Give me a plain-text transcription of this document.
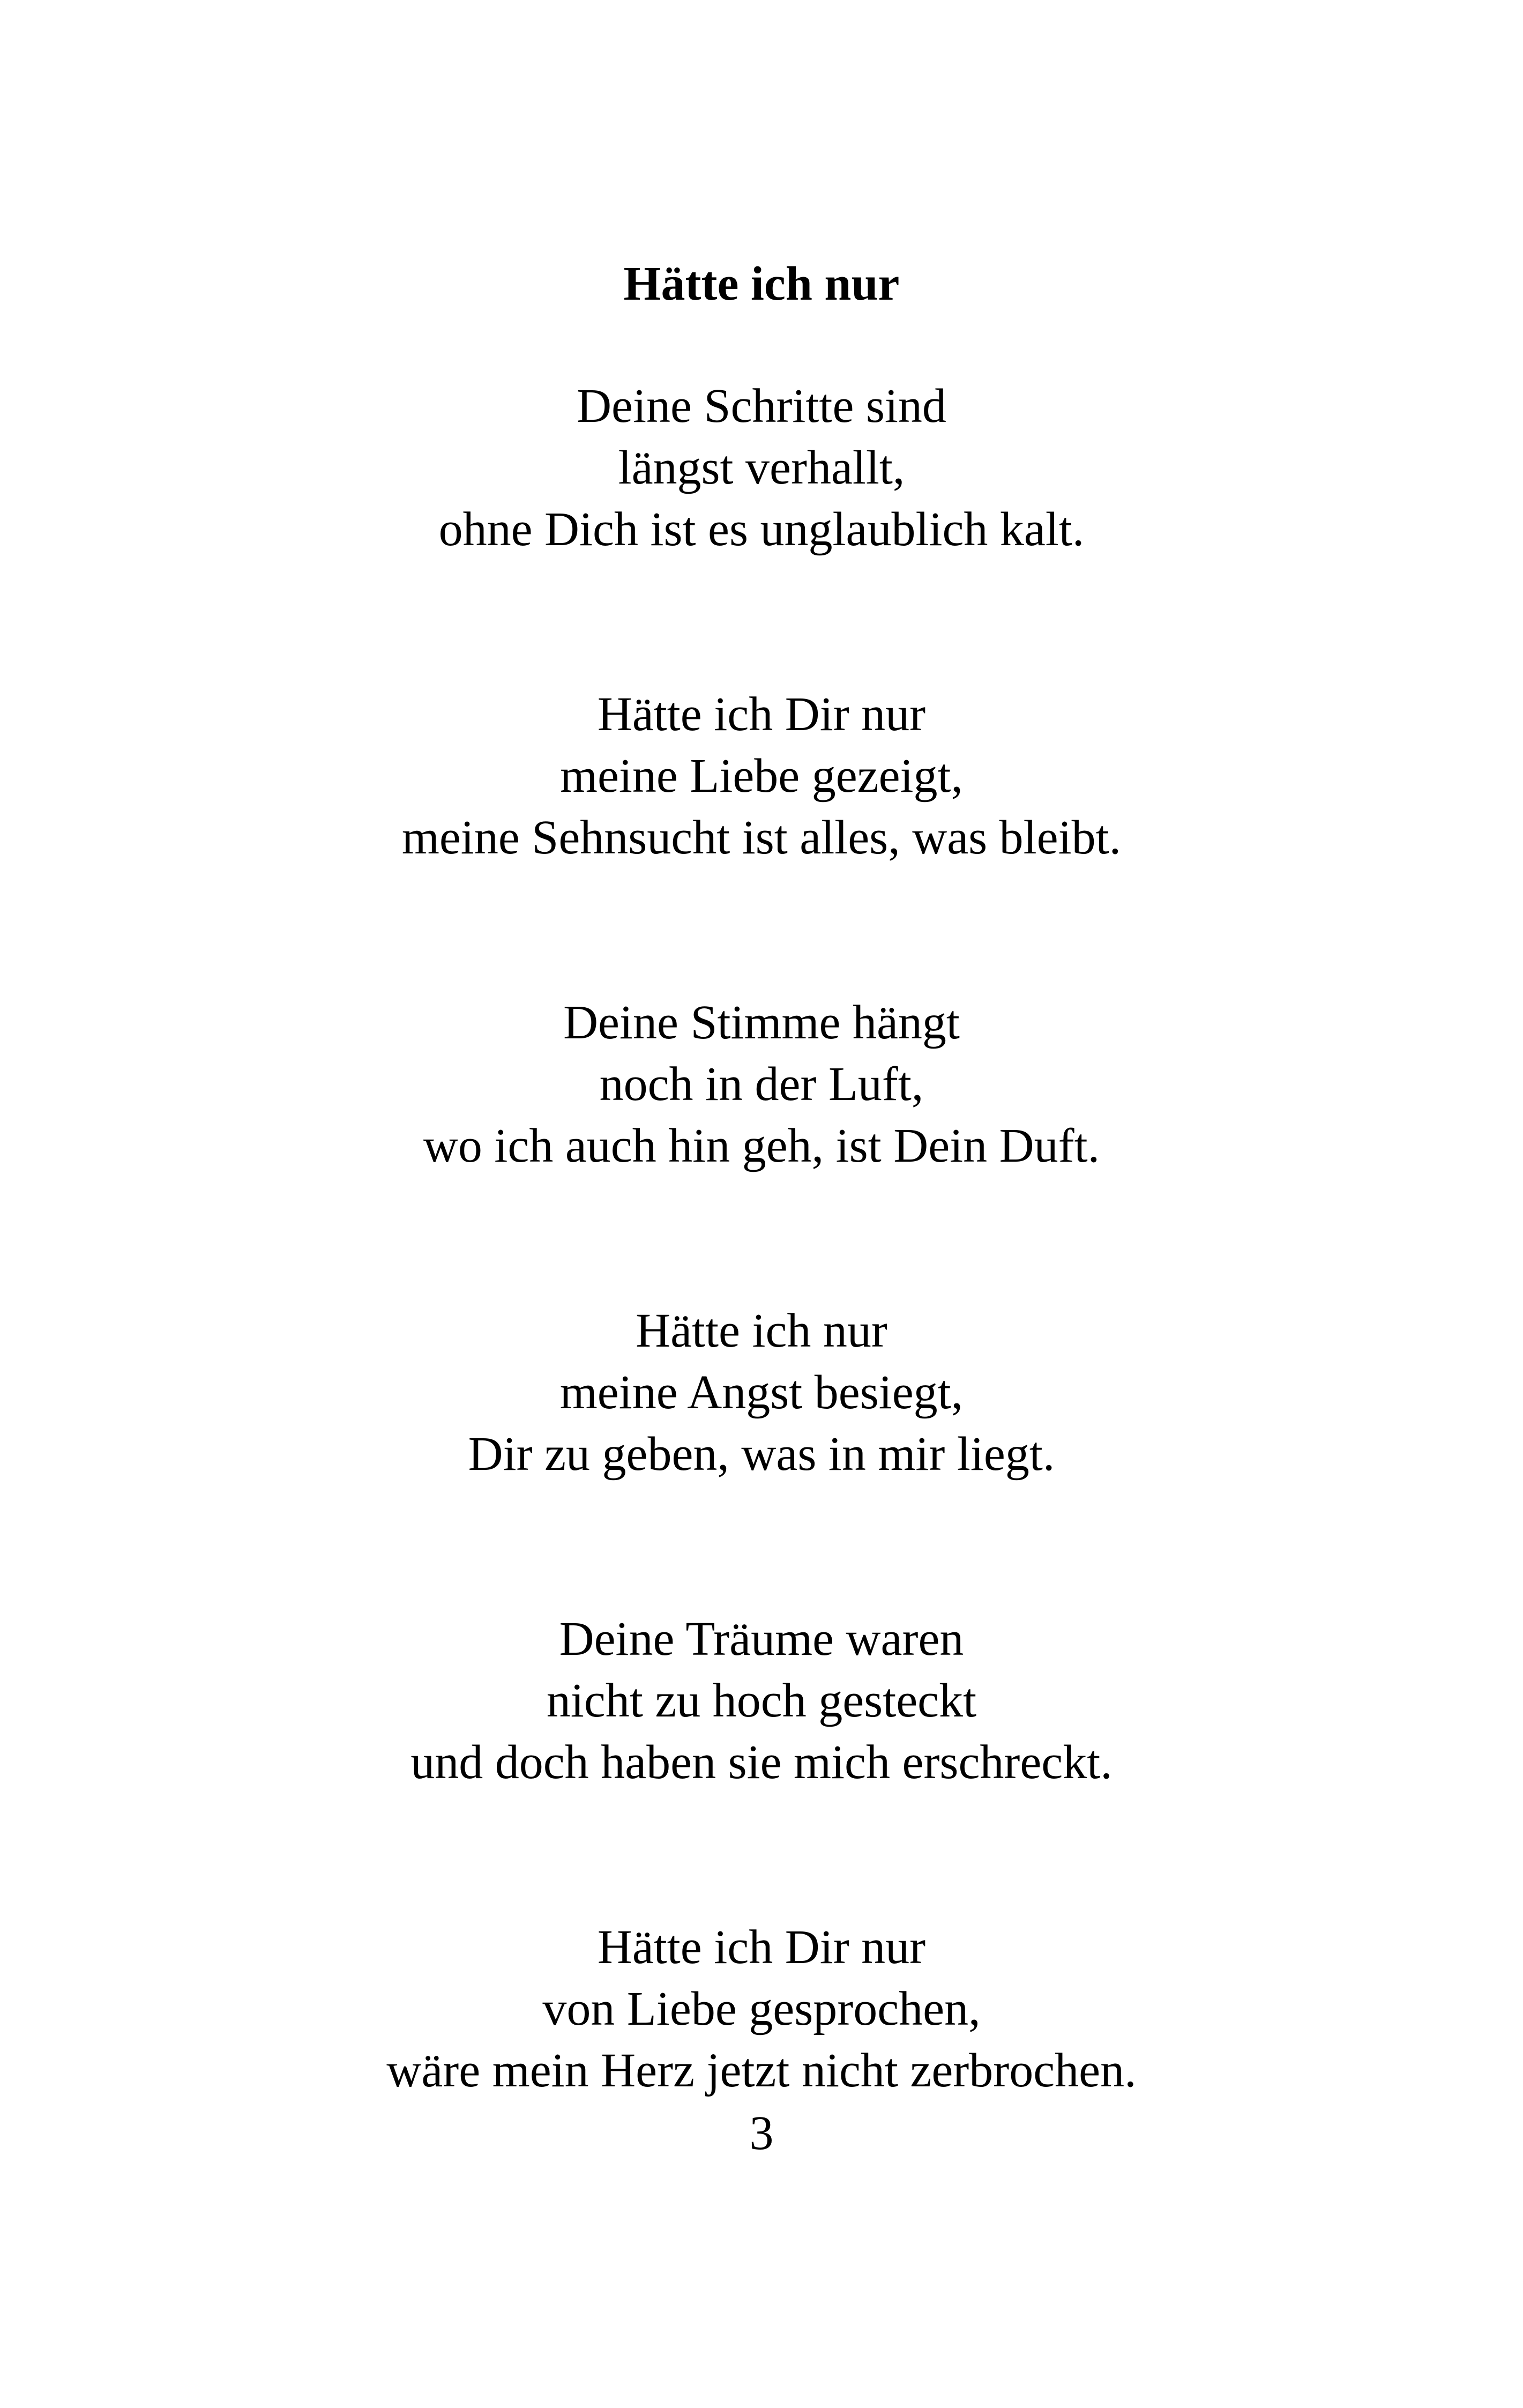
Hätte ich nur
Deine Schritte sind
längst verhallt,
ohne Dich ist es unglaublich kalt.
Hätte ich Dir nur
meine Liebe gezeigt,
meine Sehnsucht ist alles, was bleibt.
Deine Stimme hängt
noch in der Luft,
wo ich auch hin geh, ist Dein Duft.
Hätte ich nur
meine Angst besiegt,
Dir zu geben, was in mir liegt.
Deine Träume waren
nicht zu hoch gesteckt
und doch haben sie mich erschreckt.
Hätte ich Dir nur
von Liebe gesprochen,
wäre mein Herz jetzt nicht zerbrochen.
3
